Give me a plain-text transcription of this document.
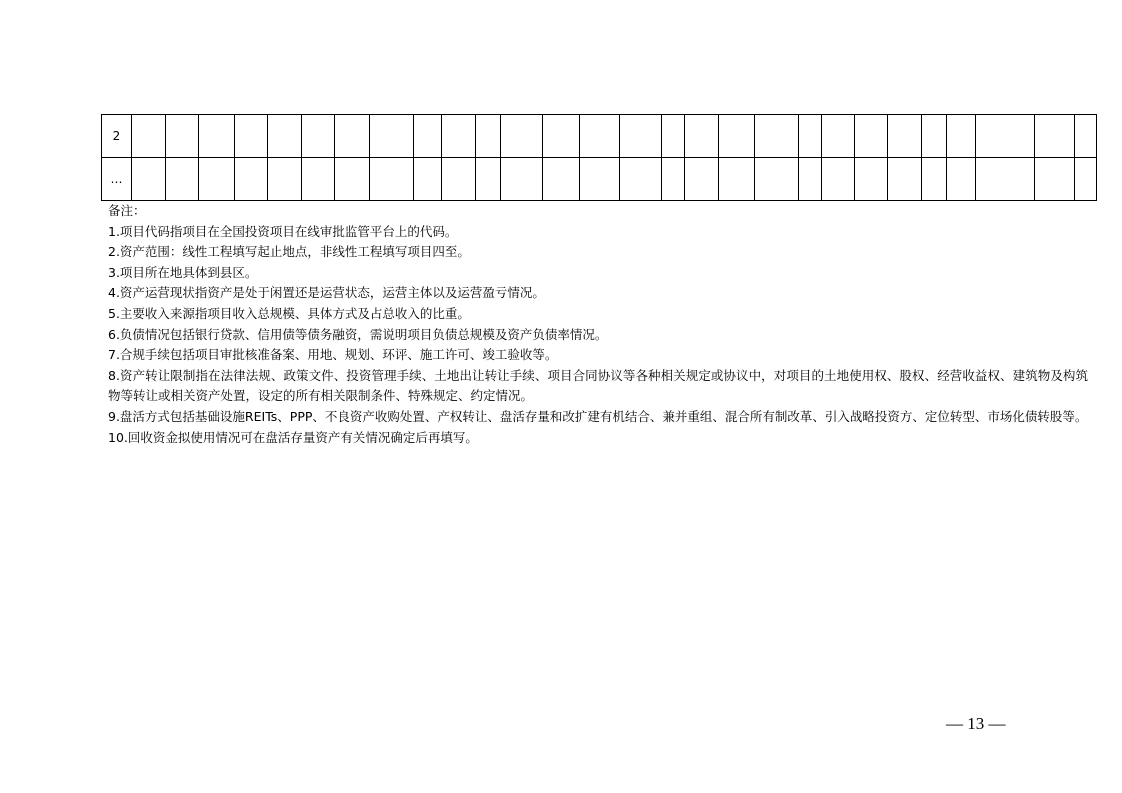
2																												
…																												

备注：

1.项目代码指项目在全国投资项目在线审批监管平台上的代码。

2.资产范围：线性工程填写起止地点，非线性工程填写项目四至。

3.项目所在地具体到县区。

4.资产运营现状指资产是处于闲置还是运营状态，运营主体以及运营盈亏情况。

5.主要收入来源指项目收入总规模、具体方式及占总收入的比重。

6.负债情况包括银行贷款、信用债等债务融资，需说明项目负债总规模及资产负债率情况。

7.合规手续包括项目审批核准备案、用地、规划、环评、施工许可、竣工验收等。

8.资产转让限制指在法律法规、政策文件、投资管理手续、土地出让转让手续、项目合同协议等各种相关规定或协议中，对项目的土地使用权、股权、经营收益权、建筑物及构筑物等转让或相关资产处置，设定的所有相关限制条件、特殊规定、约定情况。

9.盘活方式包括基础设施REITs、PPP、不良资产收购处置、产权转让、盘活存量和改扩建有机结合、兼并重组、混合所有制改革、引入战略投资方、定位转型、市场化债转股等。

10.回收资金拟使用情况可在盘活存量资产有关情况确定后再填写。

— 13 —
